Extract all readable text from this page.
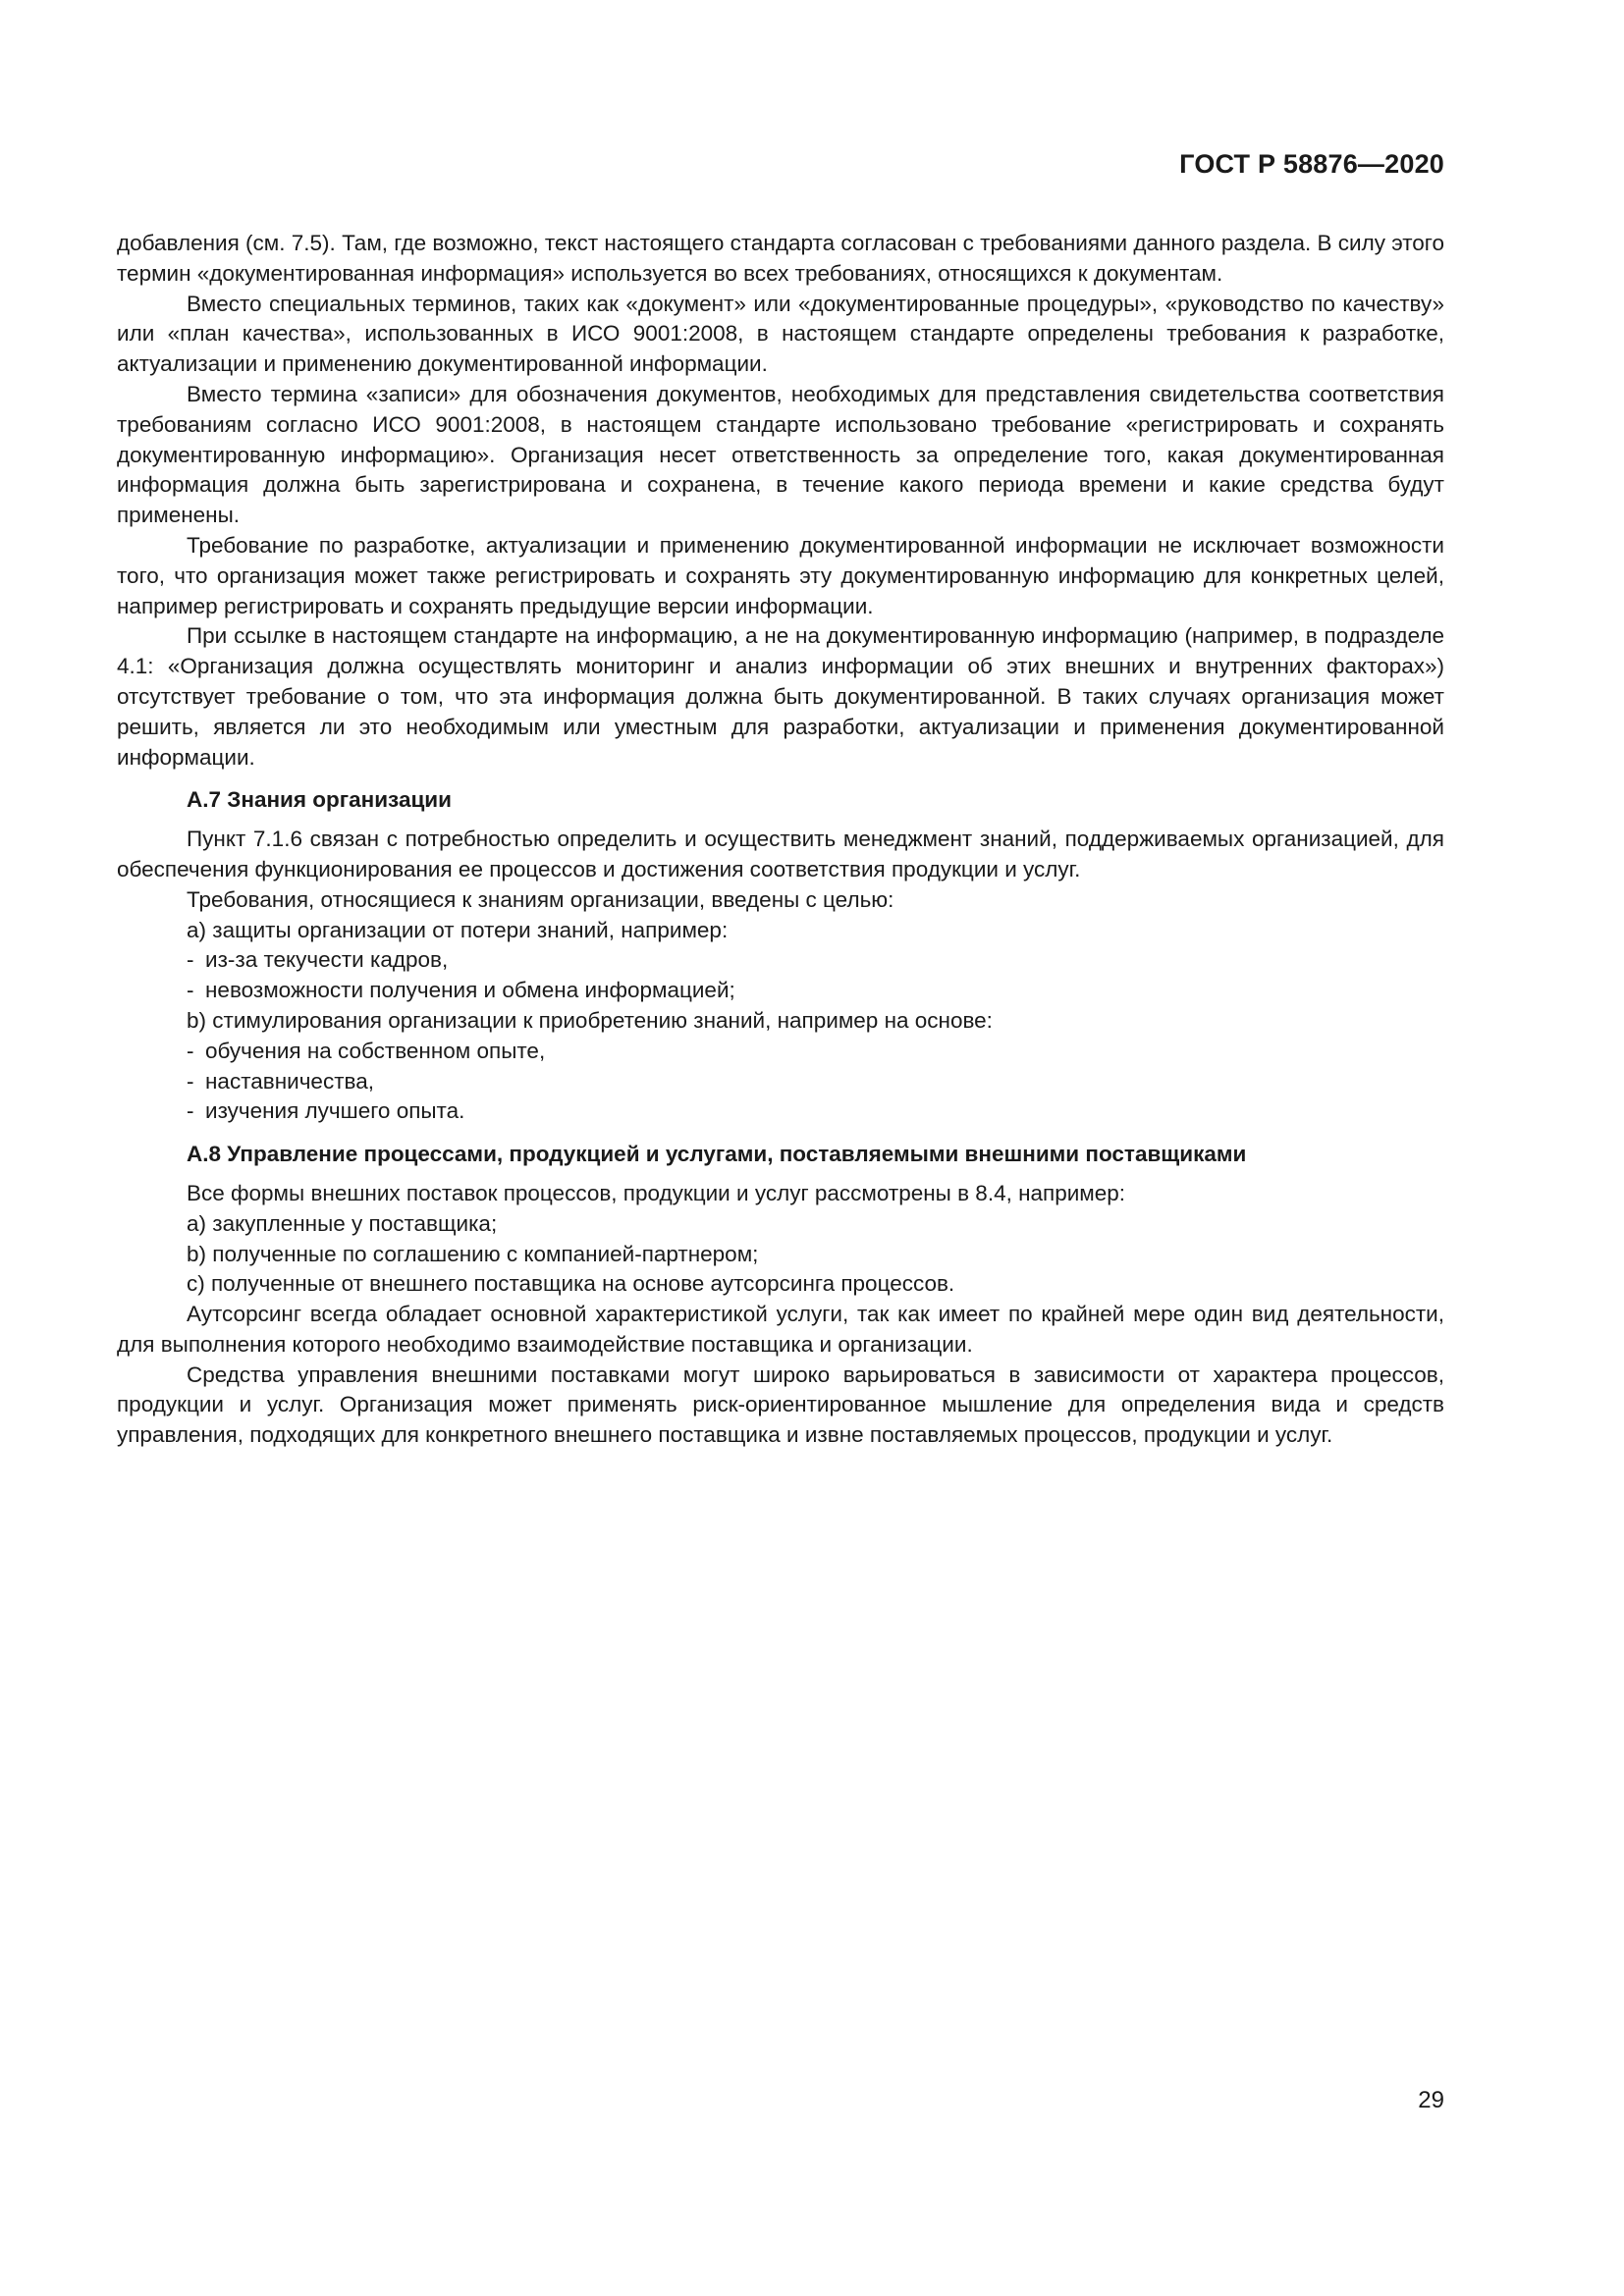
ГОСТ Р 58876—2020

добавления (см. 7.5). Там, где возможно, текст настоящего стандарта согласован с требованиями данного раздела. В силу этого термин «документированная информация» используется во всех требованиях, относящихся к документам.

Вместо специальных терминов, таких как «документ» или «документированные процедуры», «руководство по качеству» или «план качества», использованных в ИСО 9001:2008, в настоящем стандарте определены требования к разработке, актуализации и применению документированной информации.

Вместо термина «записи» для обозначения документов, необходимых для представления свидетельства соответствия требованиям согласно ИСО 9001:2008, в настоящем стандарте использовано требование «регистрировать и сохранять документированную информацию». Организация несет ответственность за определение того, какая документированная информация должна быть зарегистрирована и сохранена, в течение какого периода времени и какие средства будут применены.

Требование по разработке, актуализации и применению документированной информации не исключает возможности того, что организация может также регистрировать и сохранять эту документированную информацию для конкретных целей, например регистрировать и сохранять предыдущие версии информации.

При ссылке в настоящем стандарте на информацию, а не на документированную информацию (например, в подразделе 4.1: «Организация должна осуществлять мониторинг и анализ информации об этих внешних и внутренних факторах») отсутствует требование о том, что эта информация должна быть документированной. В таких случаях организация может решить, является ли это необходимым или уместным для разработки, актуализации и применения документированной информации.

А.7 Знания организации

Пункт 7.1.6 связан с потребностью определить и осуществить менеджмент знаний, поддерживаемых организацией, для обеспечения функционирования ее процессов и достижения соответствия продукции и услуг.

Требования, относящиеся к знаниям организации, введены с целью:

a) защиты организации от потери знаний, например:

- из-за текучести кадров,

- невозможности получения и обмена информацией;

b) стимулирования организации к приобретению знаний, например на основе:

- обучения на собственном опыте,

- наставничества,

- изучения лучшего опыта.

А.8 Управление процессами, продукцией и услугами, поставляемыми внешними поставщиками

Все формы внешних поставок процессов, продукции и услуг рассмотрены в 8.4, например:

a) закупленные у поставщика;

b) полученные по соглашению с компанией-партнером;

c) полученные от внешнего поставщика на основе аутсорсинга процессов.

Аутсорсинг всегда обладает основной характеристикой услуги, так как имеет по крайней мере один вид деятельности, для выполнения которого необходимо взаимодействие поставщика и организации.

Средства управления внешними поставками могут широко варьироваться в зависимости от характера процессов, продукции и услуг. Организация может применять риск-ориентированное мышление для определения вида и средств управления, подходящих для конкретного внешнего поставщика и извне поставляемых процессов, продукции и услуг.

29
